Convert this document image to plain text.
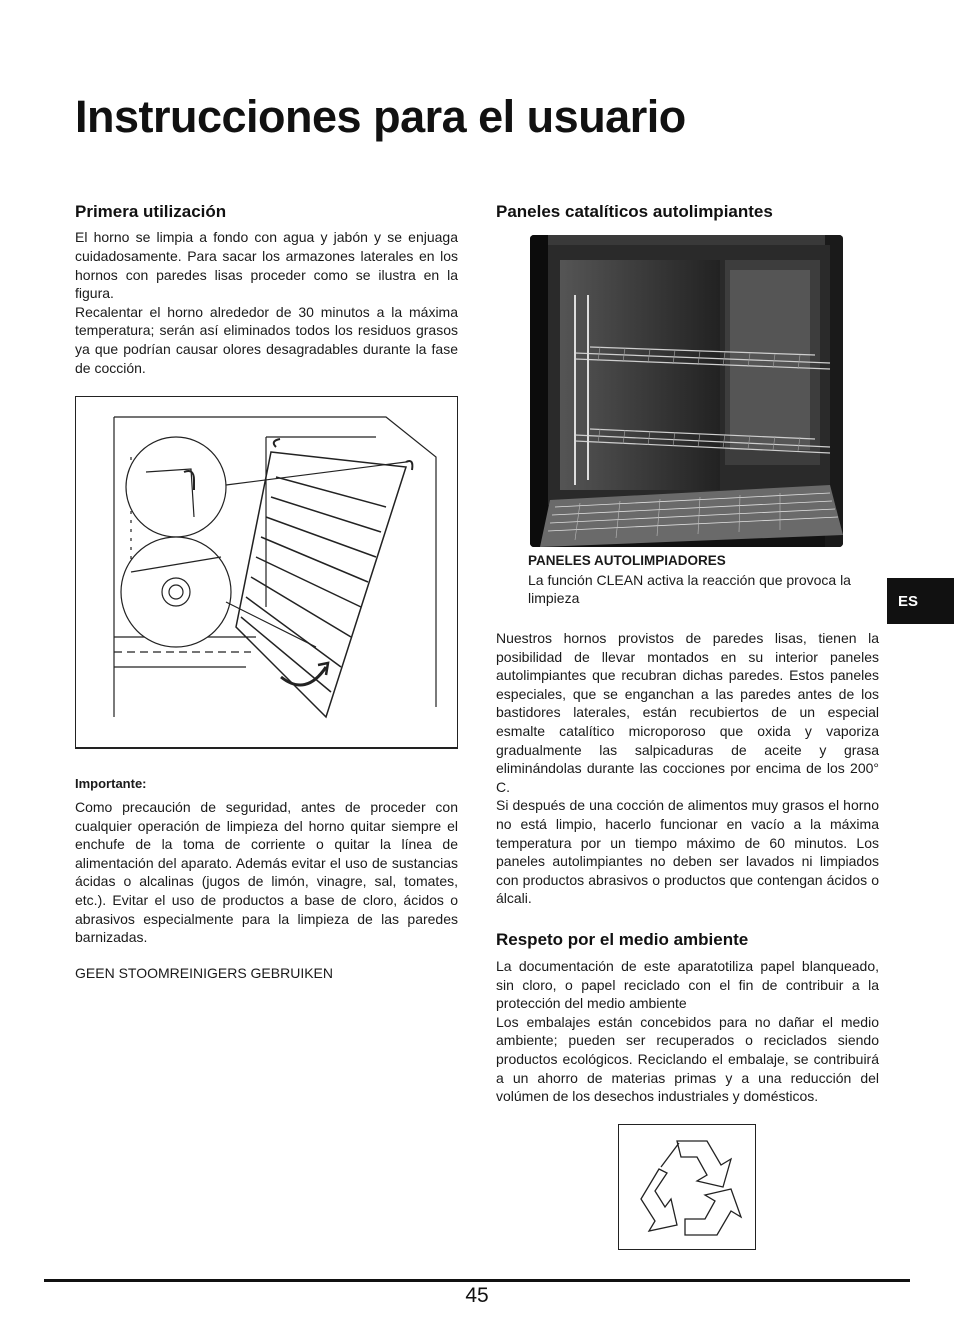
Instrucciones para el usuario
Primera utilización

El horno se limpia a fondo con agua y jabón y se enjuaga cuidadosamente. Para sacar los armazones laterales en los hornos con paredes lisas proceder como se ilustra en la figura.

Recalentar el horno alrededor de 30 minutos a la máxima temperatura; serán así eliminados todos los residuos grasos ya que podrían causar olores desagradables durante la fase de cocción.

Importante:

Como precaución de seguridad, antes de proceder con cualquier operación de limpieza del horno quitar siempre el enchufe de la toma de corriente o quitar la línea de alimentación del aparato. Además evitar el uso de sustancias ácidas o alcalinas (jugos de limón, vinagre, sal, tomates, etc.). Evitar el uso de productos a base de cloro, ácidos o abrasivos especialmente para la limpieza de las paredes barnizadas.

GEEN STOOMREINIGERS GEBRUIKEN
Paneles catalíticos autolimpiantes

PANELES AUTOLIMPIADORES

La función CLEAN activa la reacción que provoca la limpieza

Nuestros hornos provistos de paredes lisas, tienen la posibilidad de llevar montados en su interior paneles autolimpiantes que recubran dichas paredes. Estos paneles especiales, que se enganchan a las paredes antes de los bastidores laterales, están recubiertos de un especial esmalte catalítico microporoso que oxida y vaporiza gradualmente las salpicaduras de aceite y grasa eliminándolas durante las cocciones por encima de los 200° C.

Si después de una cocción de alimentos muy grasos el horno no está limpio, hacerlo funcionar en vacío a la máxima temperatura por un tiempo máximo de 60 minutos. Los paneles autolimpiantes no deben ser lavados ni limpiados con productos abrasivos o productos que contengan ácidos o álcali.

Respeto por el medio ambiente

La documentación de este aparatotiliza papel blanqueado, sin cloro, o papel reciclado con el fin de contribuir a la protección del medio ambiente

Los embalajes están concebidos para no dañar el medio ambiente; pueden ser recuperados o reciclados siendo productos ecológicos. Reciclando el embalaje, se contribuirá a un ahorro de materias primas y a una reducción del volúmen de los desechos industriales y domésticos.

ES
45
